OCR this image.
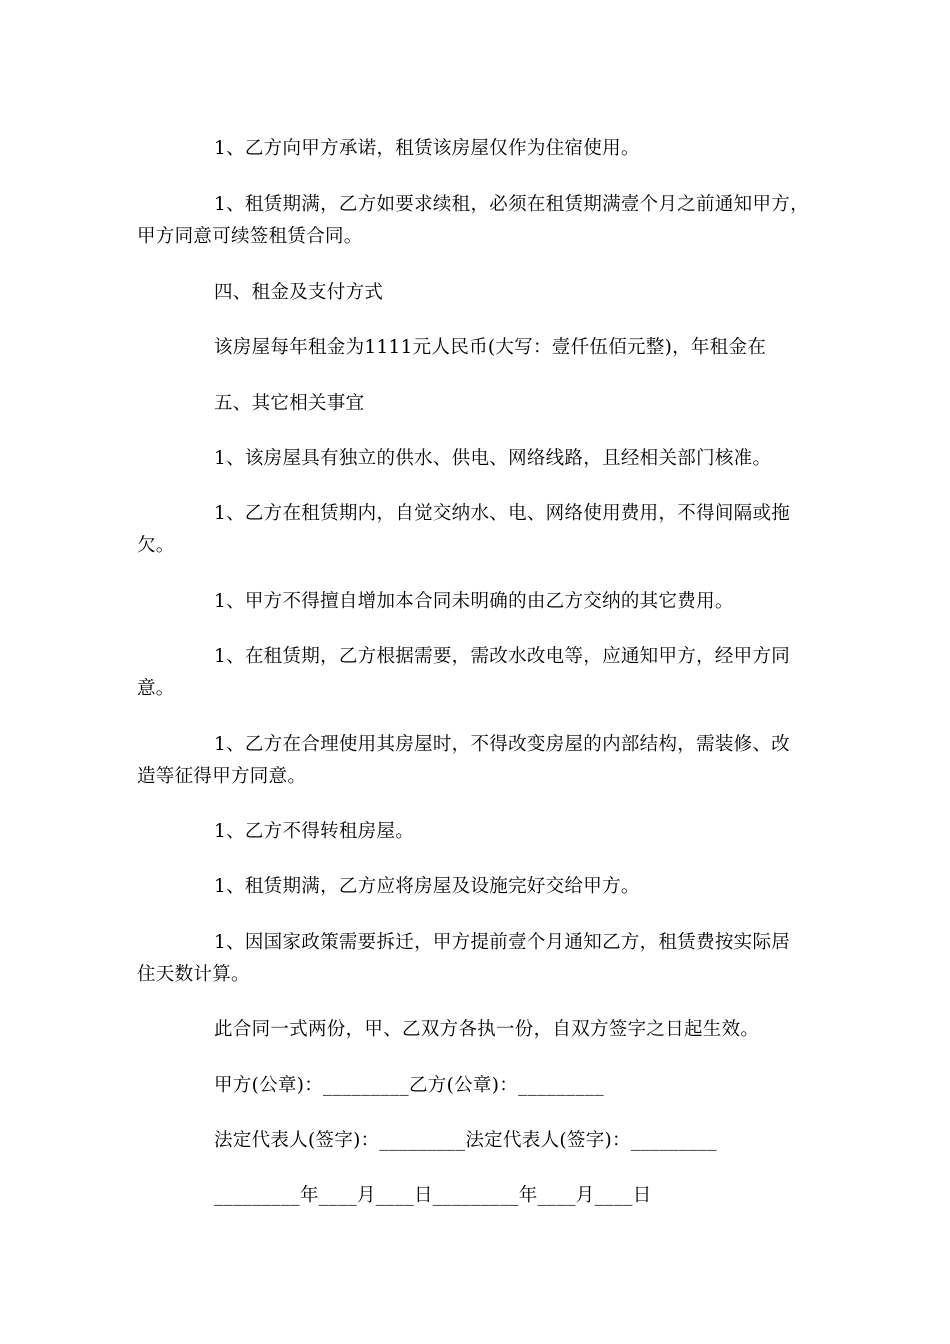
1、乙方向甲方承诺，租赁该房屋仅作为住宿使用。
1、租赁期满，乙方如要求续租，必须在租赁期满壹个月之前通知甲方，
甲方同意可续签租赁合同。
四、租金及支付方式
该房屋每年租金为1111元人民币(大写：壹仟伍佰元整)，年租金在
五、其它相关事宜
1、该房屋具有独立的供水、供电、网络线路，且经相关部门核准。
1、乙方在租赁期内，自觉交纳水、电、网络使用费用，不得间隔或拖
欠。
1、甲方不得擅自增加本合同未明确的由乙方交纳的其它费用。
1、在租赁期，乙方根据需要，需改水改电等，应通知甲方，经甲方同
意。
1、乙方在合理使用其房屋时，不得改变房屋的内部结构，需装修、改
造等征得甲方同意。
1、乙方不得转租房屋。
1、租赁期满，乙方应将房屋及设施完好交给甲方。
1、因国家政策需要拆迁，甲方提前壹个月通知乙方，租赁费按实际居
住天数计算。
此合同一式两份，甲、乙双方各执一份，自双方签字之日起生效。
甲方(公章)：_________乙方(公章)：_________
法定代表人(签字)：_________法定代表人(签字)：_________
_________年____月____日_________年____月____日
